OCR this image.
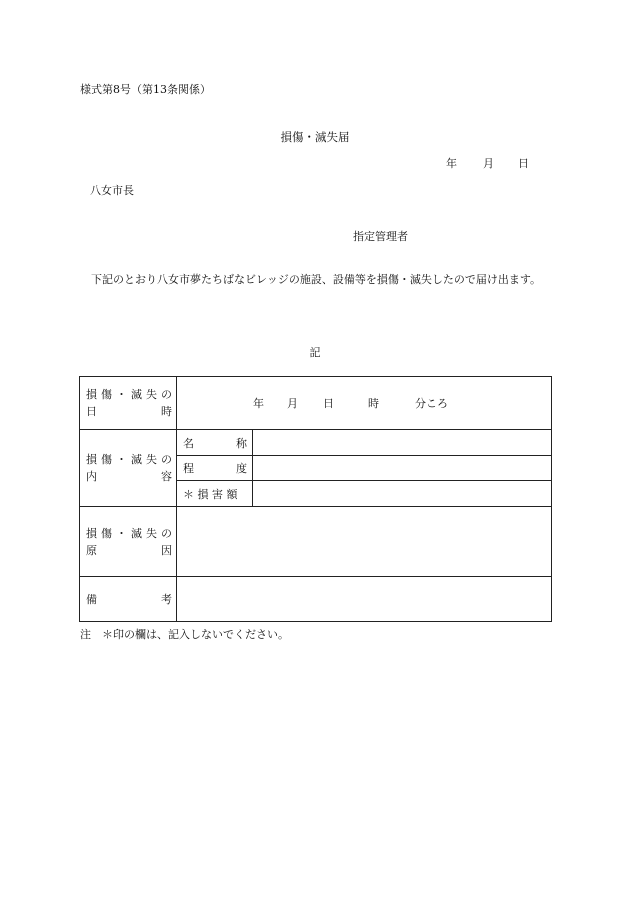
様式第8号（第13条関係）
損傷・滅失届
年	月	日
八女市長
指定管理者
下記のとおり八女市夢たちばなビレッジの施設、設備等を損傷・滅失したので届け出ます。
記
損傷・滅失の
日 時	年 月 日 時 分ころ	

損傷・滅失の
内 容	名 称	

	程 度	

	＊ 損 害 額	

損傷・滅失の
原 因		

備 考		

注　＊印の欄は、記入しないでください。
